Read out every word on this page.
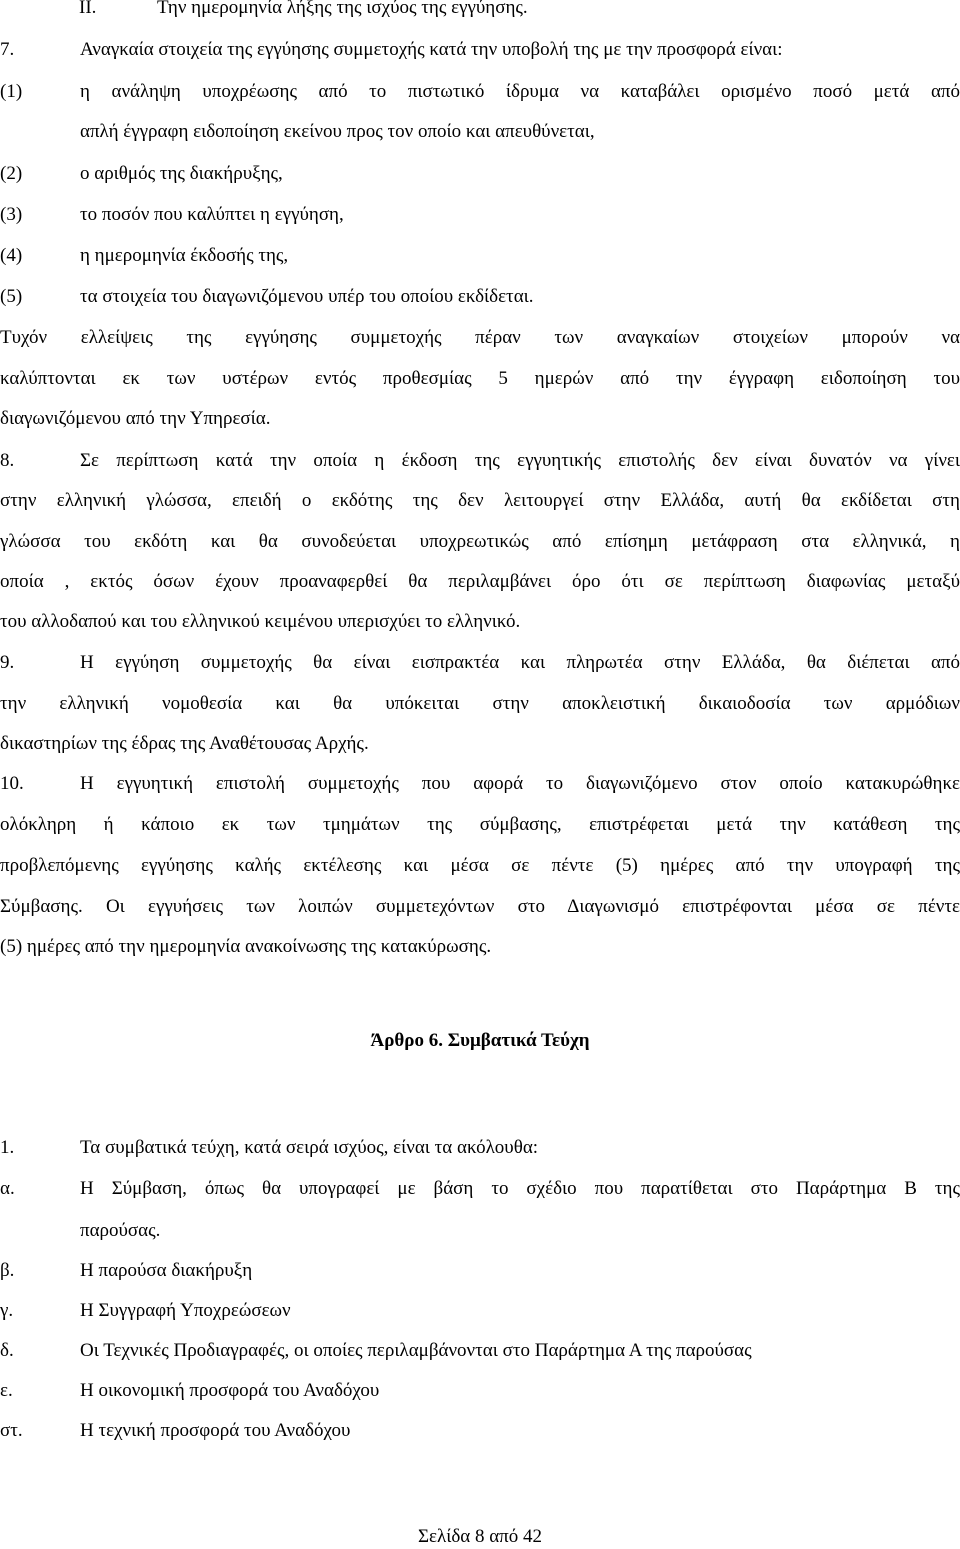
II.	Την ημερομηνία λήξης της ισχύος της εγγύησης.
7.	Αναγκαία στοιχεία της εγγύησης συμμετοχής κατά την υποβολή της με την προσφορά είναι:
(1)	η ανάληψη υποχρέωσης από το πιστωτικό ίδρυμα να καταβάλει ορισμένο ποσό μετά από
απλή έγγραφη ειδοποίηση εκείνου προς τον οποίο και απευθύνεται,
(2)	ο αριθμός της διακήρυξης,
(3)	το ποσόν που καλύπτει η εγγύηση,
(4)	η ημερομηνία έκδοσής της,
(5)	τα στοιχεία του διαγωνιζόμενου υπέρ του οποίου εκδίδεται.
Τυχόν ελλείψεις της εγγύησης συμμετοχής πέραν των αναγκαίων στοιχείων μπορούν να
καλύπτονται εκ των υστέρων εντός προθεσμίας 5 ημερών από την έγγραφη ειδοποίηση του
διαγωνιζόμενου από την Υπηρεσία.
8.	Σε περίπτωση κατά την οποία η έκδοση της εγγυητικής επιστολής δεν είναι δυνατόν να γίνει
στην ελληνική γλώσσα, επειδή ο εκδότης της δεν λειτουργεί στην Ελλάδα, αυτή θα εκδίδεται στη
γλώσσα του εκδότη και θα συνοδεύεται υποχρεωτικώς από επίσημη μετάφραση στα ελληνικά, η
οποία , εκτός όσων έχουν προαναφερθεί θα περιλαμβάνει όρο ότι σε περίπτωση διαφωνίας μεταξύ
του αλλοδαπού και του ελληνικού κειμένου υπερισχύει το ελληνικό.
9.	Η εγγύηση συμμετοχής θα είναι εισπρακτέα και πληρωτέα στην Ελλάδα, θα διέπεται από
την ελληνική νομοθεσία και θα υπόκειται στην αποκλειστική δικαιοδοσία των αρμόδιων
δικαστηρίων της έδρας της Αναθέτουσας Αρχής.
10.	Η εγγυητική επιστολή συμμετοχής που αφορά το διαγωνιζόμενο στον οποίο κατακυρώθηκε
ολόκληρη ή κάποιο εκ των τμημάτων της σύμβασης, επιστρέφεται μετά την κατάθεση της
προβλεπόμενης εγγύησης καλής εκτέλεσης και μέσα σε πέντε (5) ημέρες από την υπογραφή της
Σύμβασης. Οι εγγυήσεις των λοιπών συμμετεχόντων στο Διαγωνισμό επιστρέφονται μέσα σε πέντε
(5) ημέρες από την ημερομηνία ανακοίνωσης της κατακύρωσης.
Άρθρο 6. Συμβατικά Τεύχη
1.	Τα συμβατικά τεύχη, κατά σειρά ισχύος, είναι τα ακόλουθα:
α.	Η Σύμβαση, όπως θα υπογραφεί με βάση το σχέδιο που παρατίθεται στο Παράρτημα Β της
παρούσας.
β.	Η παρούσα διακήρυξη
γ.	Η Συγγραφή Υποχρεώσεων
δ.	Οι Τεχνικές Προδιαγραφές, οι οποίες περιλαμβάνονται στο Παράρτημα Α της παρούσας
ε.	Η οικονομική προσφορά του Αναδόχου
στ.	Η τεχνική προσφορά του Αναδόχου
Σελίδα 8 από 42
